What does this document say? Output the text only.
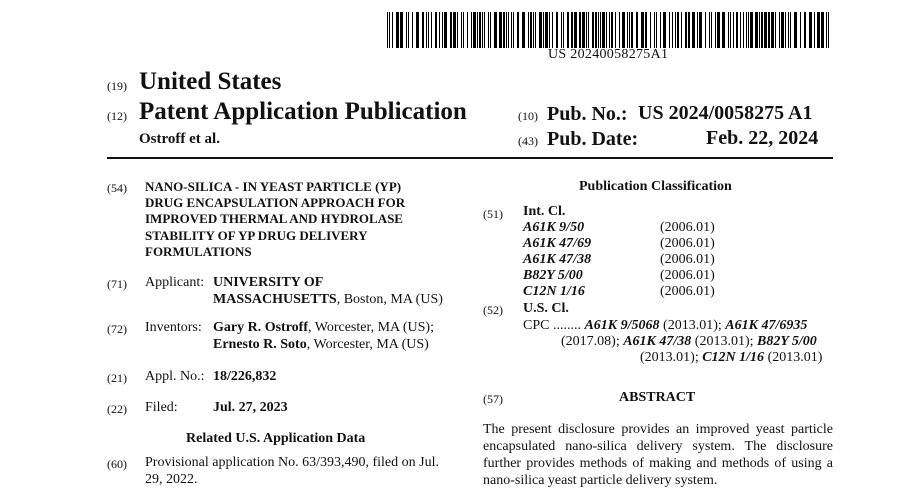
US 20240058275A1
(19) United States
(12) Patent Application Publication
Ostroff et al.
(10) Pub. No.: US 2024/0058275 A1
(43) Pub. Date:	Feb. 22, 2024
(54) NANO-SILICA - IN YEAST PARTICLE (YP)
DRUG ENCAPSULATION APPROACH FOR
IMPROVED THERMAL AND HYDROLASE
STABILITY OF YP DRUG DELIVERY
FORMULATIONS
(71) Applicant: UNIVERSITY OF
MASSACHUSETTS, Boston, MA (US)
(72) Inventors: Gary R. Ostroff, Worcester, MA (US);
Ernesto R. Soto, Worcester, MA (US)
(21) Appl. No.: 18/226,832
(22) Filed:	Jul. 27, 2023
Related U.S. Application Data
(60) Provisional application No. 63/393,490, filed on Jul.
29, 2022.
Publication Classification
(51) Int. Cl.
A61K 9/50	(2006.01)
A61K 47/69	(2006.01)
A61K 47/38	(2006.01)
B82Y 5/00	(2006.01)
C12N 1/16	(2006.01)
(52) U.S. Cl.
CPC ........ A61K 9/5068 (2013.01); A61K 47/6935
(2017.08); A61K 47/38 (2013.01); B82Y 5/00
(2013.01); C12N 1/16 (2013.01)
(57)	ABSTRACT
The present disclosure provides an improved yeast particle encapsulated nano-silica delivery system. The disclosure further provides methods of making and methods of using a nano-silica yeast particle delivery system.
